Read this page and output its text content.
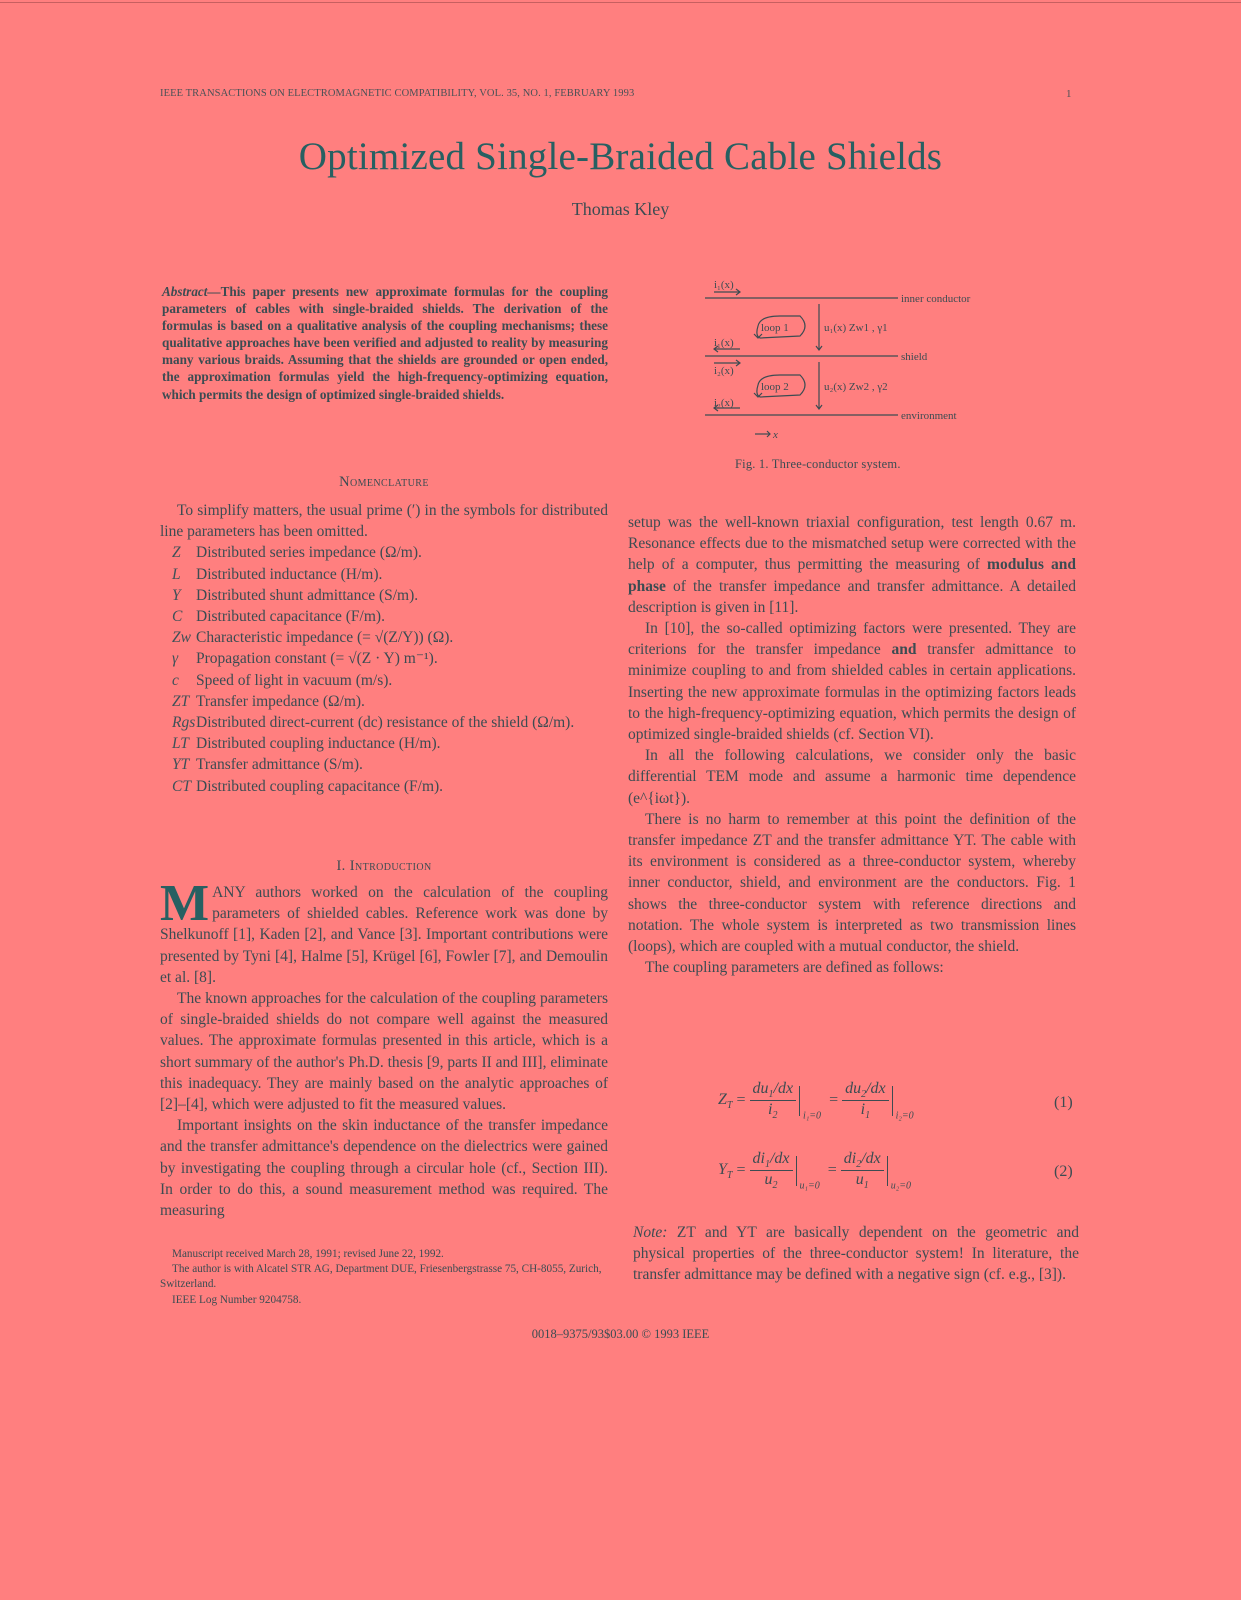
IEEE TRANSACTIONS ON ELECTROMAGNETIC COMPATIBILITY, VOL. 35, NO. 1, FEBRUARY 1993	1
Optimized Single-Braided Cable Shields
Thomas Kley
Abstract—This paper presents new approximate formulas for the coupling parameters of cables with single-braided shields. The derivation of the formulas is based on a qualitative analysis of the coupling mechanisms; these qualitative approaches have been verified and adjusted to reality by measuring many various braids. Assuming that the shields are grounded or open ended, the approximation formulas yield the high-frequency-optimizing equation, which permits the design of optimized single-braided shields.
i₁(x)
i₁(x)
i₂(x)
i₂(x)
loop 1
loop 2
u₁(x) Zw1 , γ1
u₂(x) Zw2 , γ2
inner conductor
shield
environment
x
Fig. 1. Three-conductor system.
Nomenclature

To simplify matters, the usual prime (′) in the symbols for distributed line parameters has been omitted.

Z Distributed series impedance (Ω/m).
L Distributed inductance (H/m).
Y Distributed shunt admittance (S/m).
C Distributed capacitance (F/m).
Zw Characteristic impedance (= √(Z/Y)) (Ω).
γ Propagation constant (= √(Z · Y) m⁻¹).
c Speed of light in vacuum (m/s).
ZT Transfer impedance (Ω/m).
RgsDistributed direct-current (dc) resistance of the shield (Ω/m).
LT Distributed coupling inductance (H/m).
YT Transfer admittance (S/m).
CT Distributed coupling capacitance (F/m).
I. Introduction

MANY authors worked on the calculation of the coupling parameters of shielded cables. Reference work was done by Shelkunoff [1], Kaden [2], and Vance [3]. Important contributions were presented by Tyni [4], Halme [5], Krügel [6], Fowler [7], and Demoulin et al. [8].

The known approaches for the calculation of the coupling parameters of single-braided shields do not compare well against the measured values. The approximate formulas presented in this article, which is a short summary of the author's Ph.D. thesis [9, parts II and III], eliminate this inadequacy. They are mainly based on the analytic approaches of [2]–[4], which were adjusted to fit the measured values.

Important insights on the skin inductance of the transfer impedance and the transfer admittance's dependence on the dielectrics were gained by investigating the coupling through a circular hole (cf., Section III). In order to do this, a sound measurement method was required. The measuring

Manuscript received March 28, 1991; revised June 22, 1992.

The author is with Alcatel STR AG, Department DUE, Friesenbergstrasse 75, CH-8055, Zurich, Switzerland.

IEEE Log Number 9204758.

setup was the well-known triaxial configuration, test length 0.67 m. Resonance effects due to the mismatched setup were corrected with the help of a computer, thus permitting the measuring of modulus and phase of the transfer impedance and transfer admittance. A detailed description is given in [11].

In [10], the so-called optimizing factors were presented. They are criterions for the transfer impedance and transfer admittance to minimize coupling to and from shielded cables in certain applications. Inserting the new approximate formulas in the optimizing factors leads to the high-frequency-optimizing equation, which permits the design of optimized single-braided shields (cf. Section VI).

In all the following calculations, we consider only the basic differential TEM mode and assume a harmonic time dependence (e^{iωt}).

There is no harm to remember at this point the definition of the transfer impedance ZT and the transfer admittance YT. The cable with its environment is considered as a three-conductor system, whereby inner conductor, shield, and environment are the conductors. Fig. 1 shows the three-conductor system with reference directions and notation. The whole system is interpreted as two transmission lines (loops), which are coupled with a mutual conductor, the shield.

The coupling parameters are defined as follows:

$Z_T = \frac{du_1/dx}{i_2} _{i_1=0} = \frac{du_2/dx}{i_1} _{i_2=0}$
(1)
$Y_T = \frac{di_1/dx}{u_2} _{u_1=0} = \frac{di_2/dx}{u_1} _{u_2=0}$
(2)

Note: ZT and YT are basically dependent on the geometric and physical properties of the three-conductor system! In literature, the transfer admittance may be defined with a negative sign (cf. e.g., [3]).

0018–9375/93$03.00 © 1993 IEEE
